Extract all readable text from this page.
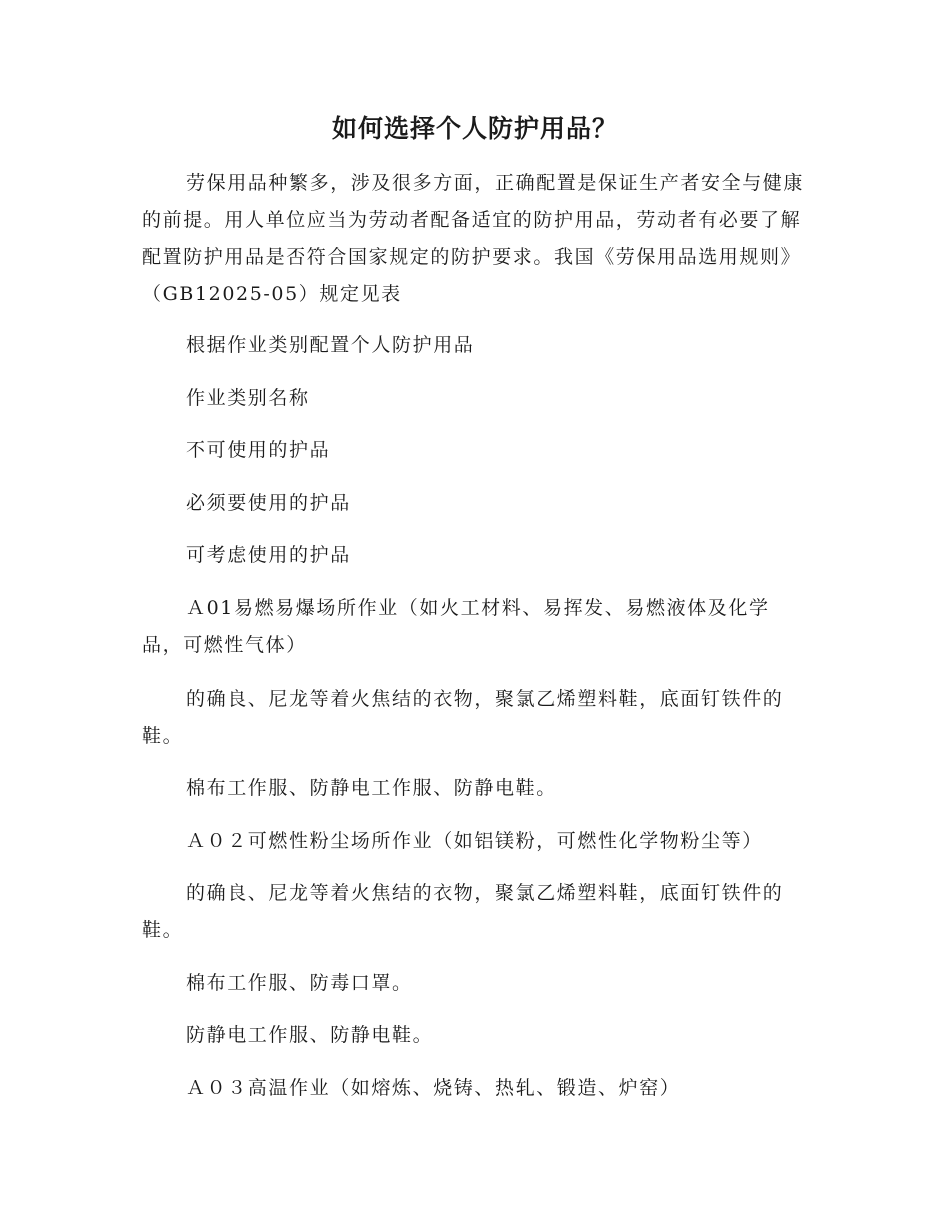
如何选择个人防护用品？

劳保用品种繁多，涉及很多方面，正确配置是保证生产者安全与健康的前提。用人单位应当为劳动者配备适宜的防护用品，劳动者有必要了解配置防护用品是否符合国家规定的防护要求。我国《劳保用品选用规则》（GB12025-05）规定见表

根据作业类别配置个人防护用品

作业类别名称

不可使用的护品

必须要使用的护品

可考虑使用的护品

Ａ01易燃易爆场所作业（如火工材料、易挥发、易燃液体及化学品，可燃性气体）

的确良、尼龙等着火焦结的衣物，聚氯乙烯塑料鞋，底面钉铁件的鞋。

棉布工作服、防静电工作服、防静电鞋。

Ａ０２可燃性粉尘场所作业（如铝镁粉，可燃性化学物粉尘等）

的确良、尼龙等着火焦结的衣物，聚氯乙烯塑料鞋，底面钉铁件的鞋。

棉布工作服、防毒口罩。

防静电工作服、防静电鞋。

Ａ０３高温作业（如熔炼、烧铸、热轧、锻造、炉窑）
